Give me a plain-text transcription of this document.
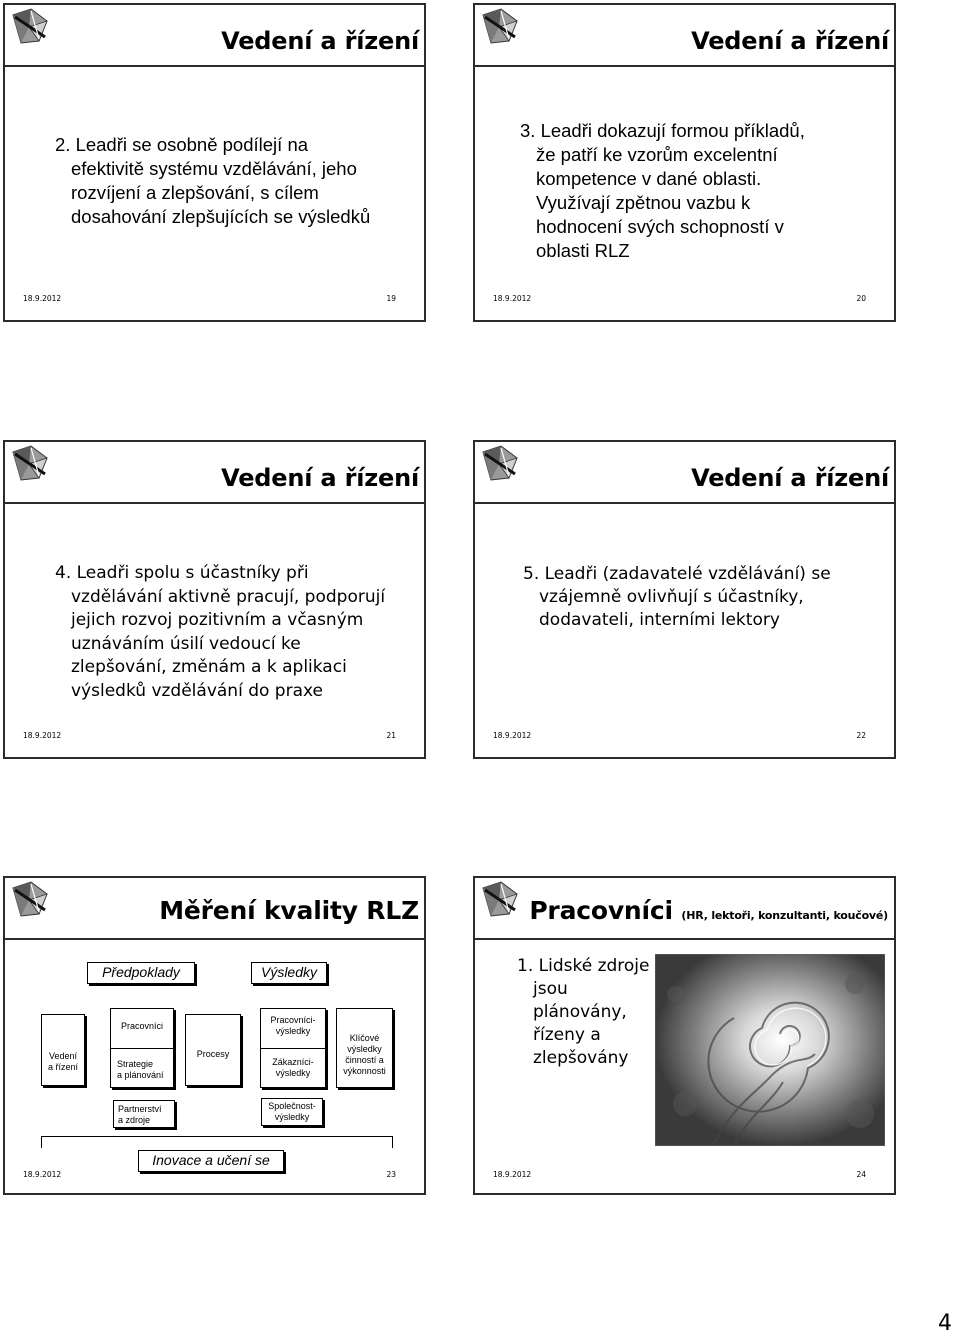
Vedení a řízení
2. Leadři se osobně podílejí na
efektivitě systému vzdělávání, jeho
rozvíjení a zlepšování, s cílem
dosahování zlepšujících se výsledků
18.9.2012	19
Vedení a řízení
3. Leadři dokazují formou příkladů,
že patří ke vzorům excelentní
kompetence v dané oblasti.
Využívají zpětnou vazbu k
hodnocení svých schopností v
oblasti RLZ
18.9.2012	20
Vedení a řízení
4. Leadři spolu s účastníky při
vzdělávání aktivně pracují, podporují
jejich rozvoj pozitivním a včasným
uznáváním úsilí vedoucí ke
zlepšování, změnám a k aplikaci
výsledků vzdělávání do praxe
18.9.2012	21
Vedení a řízení
5. Leadři (zadavatelé vzdělávání) se
vzájemně ovlivňují s účastníky,
dodavateli, interními lektory
18.9.2012	22
Měření kvality RLZ
Předpoklady	Výsledky
Vedení
a řízení
Pracovníci
Strategie
a plánování
Procesy
Pracovníci-
výsledky
Zákazníci-
výsledky
Klíčové
výsledky
činností a
výkonnosti
Partnerství
a zdroje
Společnost-
výsledky
Inovace a učení se
18.9.2012	23
Pracovníci (HR, lektoři, konzultanti, koučové)
1. Lidské zdroje
jsou
plánovány,
řízeny a
zlepšovány
18.9.2012	24
4
